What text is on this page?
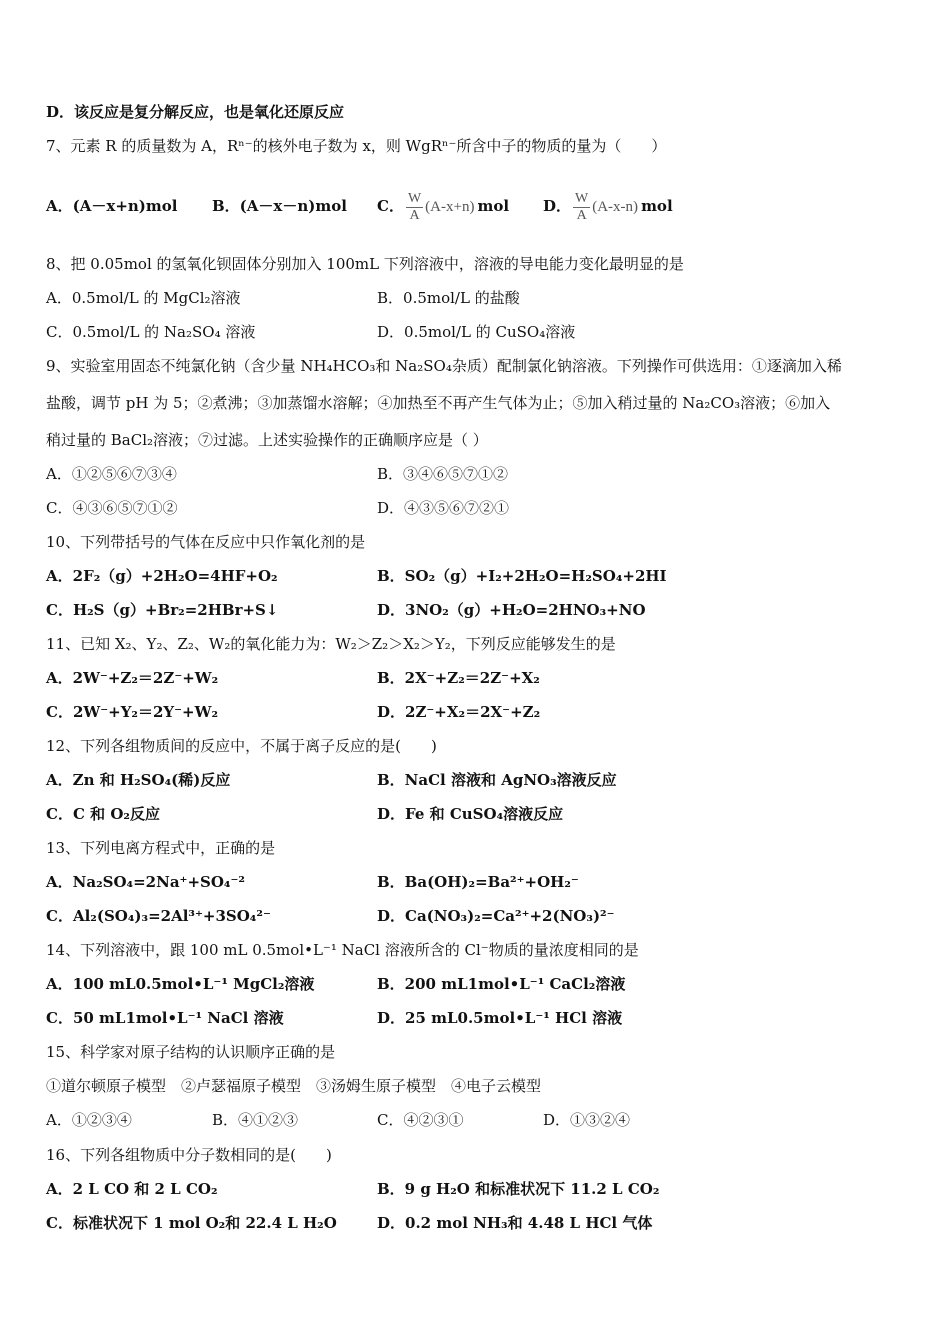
D．该反应是复分解反应，也是氧化还原反应
7、元素 R 的质量数为 A，Rⁿ⁻的核外电子数为 x，则 WgRⁿ⁻所含中子的物质的量为（　　）
A．(A－x+n)mol B．(A－x－n)mol C． $\frac{W}{A} (A-x+n)$ mol D． $\frac{W}{A} (A-x-n)$ mol
8、把 0.05mol 的氢氧化钡固体分别加入 100mL 下列溶液中，溶液的导电能力变化最明显的是
A．0.5mol/L 的 MgCl₂溶液	B．0.5mol/L 的盐酸
C．0.5mol/L 的 Na₂SO₄ 溶液	D．0.5mol/L 的 CuSO₄溶液
9、实验室用固态不纯氯化钠（含少量 NH₄HCO₃和 Na₂SO₄杂质）配制氯化钠溶液。下列操作可供选用：①逐滴加入稀
盐酸，调节 pH 为 5；②煮沸；③加蒸馏水溶解；④加热至不再产生气体为止；⑤加入稍过量的 Na₂CO₃溶液；⑥加入
稍过量的 BaCl₂溶液；⑦过滤。上述实验操作的正确顺序应是（ ）
A．①②⑤⑥⑦③④	B．③④⑥⑤⑦①②
C．④③⑥⑤⑦①②	D．④③⑤⑥⑦②①
10、下列带括号的气体在反应中只作氧化剂的是
A．2F₂（g）+2H₂O=4HF+O₂	B．SO₂（g）+I₂+2H₂O=H₂SO₄+2HI
C．H₂S（g）+Br₂=2HBr+S↓	D．3NO₂（g）+H₂O=2HNO₃+NO
11、已知 X₂、Y₂、Z₂、W₂的氧化能力为：W₂＞Z₂＞X₂＞Y₂，下列反应能够发生的是
A．2W⁻+Z₂＝2Z⁻+W₂	B．2X⁻+Z₂＝2Z⁻+X₂
C．2W⁻+Y₂＝2Y⁻+W₂	D．2Z⁻+X₂＝2X⁻+Z₂
12、下列各组物质间的反应中，不属于离子反应的是(　　)
A．Zn 和 H₂SO₄(稀)反应	B．NaCl 溶液和 AgNO₃溶液反应
C．C 和 O₂反应	D．Fe 和 CuSO₄溶液反应
13、下列电离方程式中，正确的是
A．Na₂SO₄=2Na⁺+SO₄⁻²	B．Ba(OH)₂=Ba²⁺+OH₂⁻
C．Al₂(SO₄)₃=2Al³⁺+3SO₄²⁻	D．Ca(NO₃)₂=Ca²⁺+2(NO₃)²⁻
14、下列溶液中，跟 100 mL 0.5mol•L⁻¹ NaCl 溶液所含的 Cl⁻物质的量浓度相同的是
A．100 mL0.5mol•L⁻¹ MgCl₂溶液	B．200 mL1mol•L⁻¹ CaCl₂溶液
C．50 mL1mol•L⁻¹ NaCl 溶液	D．25 mL0.5mol•L⁻¹ HCl 溶液
15、科学家对原子结构的认识顺序正确的是
①道尔顿原子模型　②卢瑟福原子模型　③汤姆生原子模型　④电子云模型
A．①②③④	B．④①②③	C．④②③①	D．①③②④
16、下列各组物质中分子数相同的是(　　)
A．2 L CO 和 2 L CO₂	B．9 g H₂O 和标准状况下 11.2 L CO₂
C．标准状况下 1 mol O₂和 22.4 L H₂O	D．0.2 mol NH₃和 4.48 L HCl 气体
